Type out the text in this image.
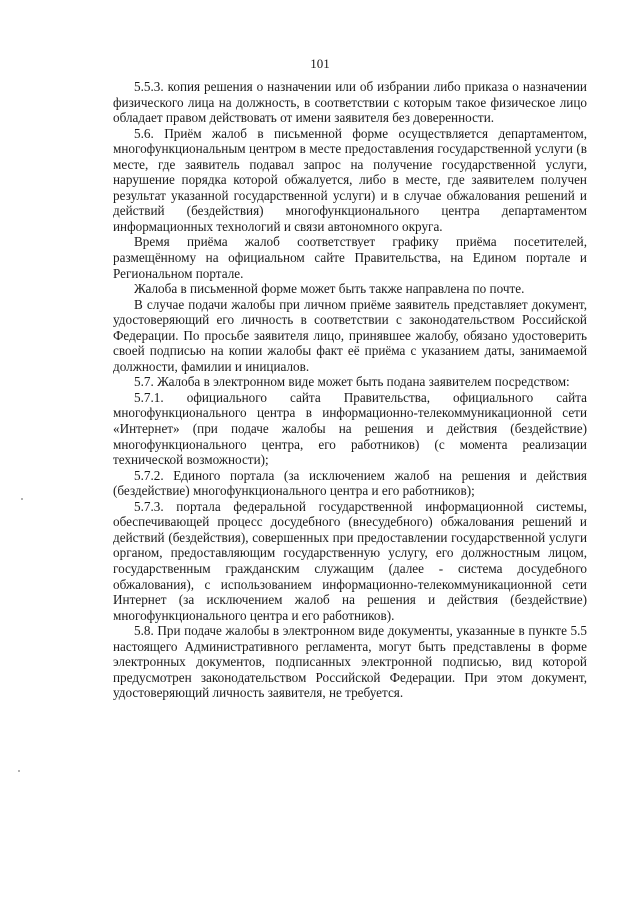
101

5.5.3. копия решения о назначении или об избрании либо приказа о назначении физического лица на должность, в соответствии с которым такое физическое лицо обладает правом действовать от имени заявителя без доверенности.

5.6. Приём жалоб в письменной форме осуществляется департаментом, многофункциональным центром в месте предоставления государственной услуги (в месте, где заявитель подавал запрос на получение государственной услуги, нарушение порядка которой обжалуется, либо в месте, где заявителем получен результат указанной государственной услуги) и в случае обжалования решений и действий (бездействия) многофункционального центра департаментом информационных технологий и связи автономного округа.

Время приёма жалоб соответствует графику приёма посетителей, размещённому на официальном сайте Правительства, на Едином портале и Региональном портале.

Жалоба в письменной форме может быть также направлена по почте.

В случае подачи жалобы при личном приёме заявитель представляет документ, удостоверяющий его личность в соответствии с законодательством Российской Федерации. По просьбе заявителя лицо, принявшее жалобу, обязано удостоверить своей подписью на копии жалобы факт её приёма с указанием даты, занимаемой должности, фамилии и инициалов.

5.7. Жалоба в электронном виде может быть подана заявителем посредством:

5.7.1. официального сайта Правительства, официального сайта многофункционального центра в информационно-телекоммуникационной сети «Интернет» (при подаче жалобы на решения и действия (бездействие) многофункционального центра, его работников) (с момента реализации технической возможности);

5.7.2. Единого портала (за исключением жалоб на решения и действия (бездействие) многофункционального центра и его работников);

5.7.3. портала федеральной государственной информационной системы, обеспечивающей процесс досудебного (внесудебного) обжалования решений и действий (бездействия), совершенных при предоставлении государственной услуги органом, предоставляющим государственную услугу, его должностным лицом, государственным гражданским служащим (далее - система досудебного обжалования), с использованием информационно-телекоммуникационной сети Интернет (за исключением жалоб на решения и действия (бездействие) многофункционального центра и его работников).

5.8. При подаче жалобы в электронном виде документы, указанные в пункте 5.5 настоящего Административного регламента, могут быть представлены в форме электронных документов, подписанных электронной подписью, вид которой предусмотрен законодательством Российской Федерации. При этом документ, удостоверяющий личность заявителя, не требуется.
